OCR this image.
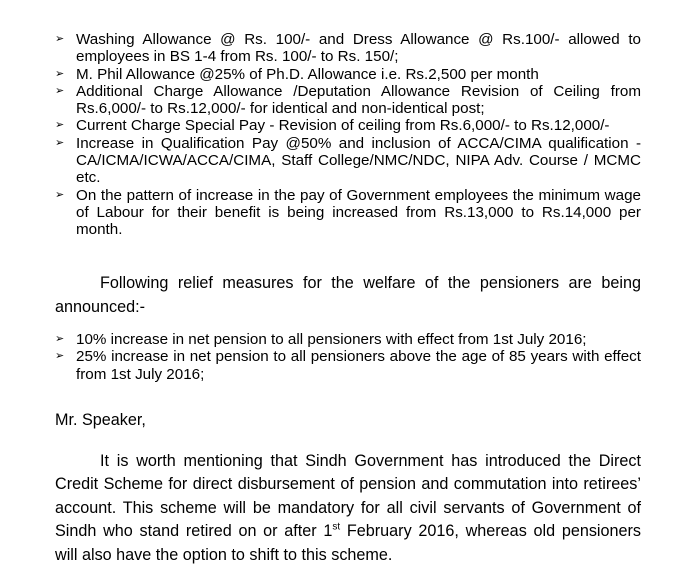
➢ Washing Allowance @ Rs. 100/- and Dress Allowance @ Rs.100/- allowed to employees in BS 1-4 from Rs. 100/- to Rs. 150/;
➢ M. Phil Allowance @25% of Ph.D. Allowance i.e. Rs.2,500 per month
➢ Additional Charge Allowance /Deputation Allowance Revision of Ceiling from Rs.6,000/- to Rs.12,000/- for identical and non-identical post;
➢ Current Charge Special Pay - Revision of ceiling from Rs.6,000/- to Rs.12,000/-
➢ Increase in Qualification Pay @50% and inclusion of ACCA/CIMA qualification - CA/ICMA/ICWA/ACCA/CIMA, Staff College/NMC/NDC, NIPA Adv. Course / MCMC etc.
➢ On the pattern of increase in the pay of Government employees the minimum wage of Labour for their benefit is being increased from Rs.13,000 to Rs.14,000 per month.
Following relief measures for the welfare of the pensioners are being announced:-
➢ 10% increase in net pension to all pensioners with effect from 1st July 2016;
➢ 25% increase in net pension to all pensioners above the age of 85 years with effect from 1st July 2016;
Mr. Speaker,
It is worth mentioning that Sindh Government has introduced the Direct Credit Scheme for direct disbursement of pension and commutation into retirees’ account. This scheme will be mandatory for all civil servants of Government of Sindh who stand retired on or after 1st February 2016, whereas old pensioners will also have the option to shift to this scheme.
